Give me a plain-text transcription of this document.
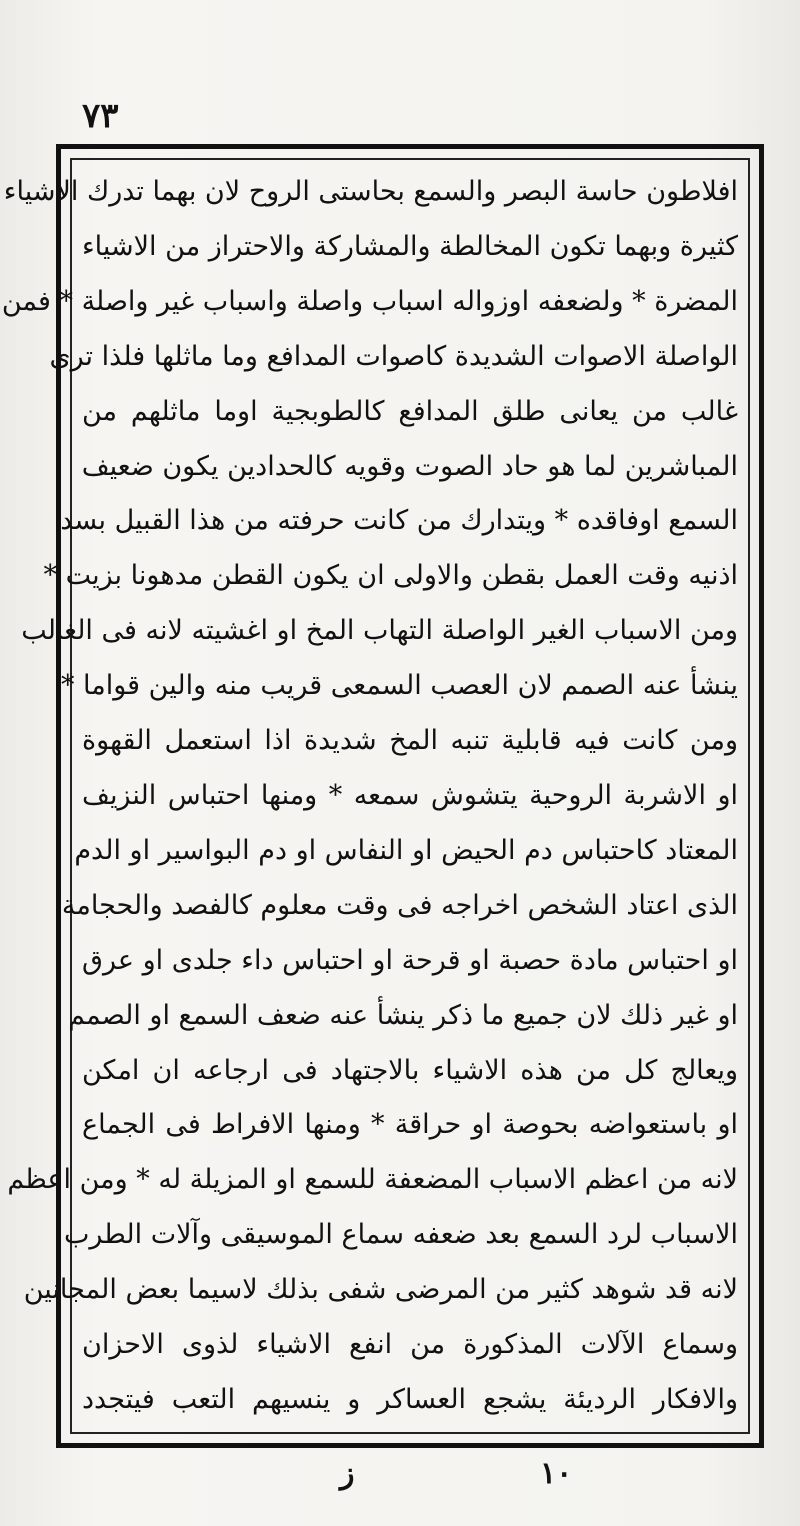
٧٣
افلاطون حاسة البصر والسمع بحاستى الروح لان بهما تدرك الاشياء
كثيرة وبهما تكون المخالطة والمشاركة والاحتراز من الاشياء
المضرة * ولضعفه اوزواله اسباب واصلة واسباب غير واصلة * فمن
الواصلة الاصوات الشديدة كاصوات المدافع وما ماثلها فلذا ترى
غالب من يعانى طلق المدافع كالطوبجية اوما ماثلهم من
المباشرين لما هو حاد الصوت وقويه كالحدادين يكون ضعيف
السمع اوفاقده * ويتدارك من كانت حرفته من هذا القبيل بسد
اذنيه وقت العمل بقطن والاولى ان يكون القطن مدهونا بزيت *
ومن الاسباب الغير الواصلة التهاب المخ او اغشيته لانه فى الغالب
ينشأ عنه الصمم لان العصب السمعى قريب منه والين قواما *
ومن كانت فيه قابلية تنبه المخ شديدة اذا استعمل القهوة
او الاشربة الروحية يتشوش سمعه * ومنها احتباس النزيف
المعتاد كاحتباس دم الحيض او النفاس او دم البواسير او الدم
الذى اعتاد الشخص اخراجه فى وقت معلوم كالفصد والحجامة
او احتباس مادة حصبة او قرحة او احتباس داء جلدى او عرق
او غير ذلك لان جميع ما ذكر ينشأ عنه ضعف السمع او الصمم
ويعالج كل من هذه الاشياء بالاجتهاد فى ارجاعه ان امكن
او باستعواضه بحوصة او حراقة * ومنها الافراط فى الجماع
لانه من اعظم الاسباب المضعفة للسمع او المزيلة له * ومن اعظم
الاسباب لرد السمع بعد ضعفه سماع الموسيقى وآلات الطرب
لانه قد شوهد كثير من المرضى شفى بذلك لاسيما بعض المجانين
وسماع الآلات المذكورة من انفع الاشياء لذوى الاحزان
والافكار الرديئة يشجع العساكر و ينسيهم التعب فيتجدد
ز	١٠
